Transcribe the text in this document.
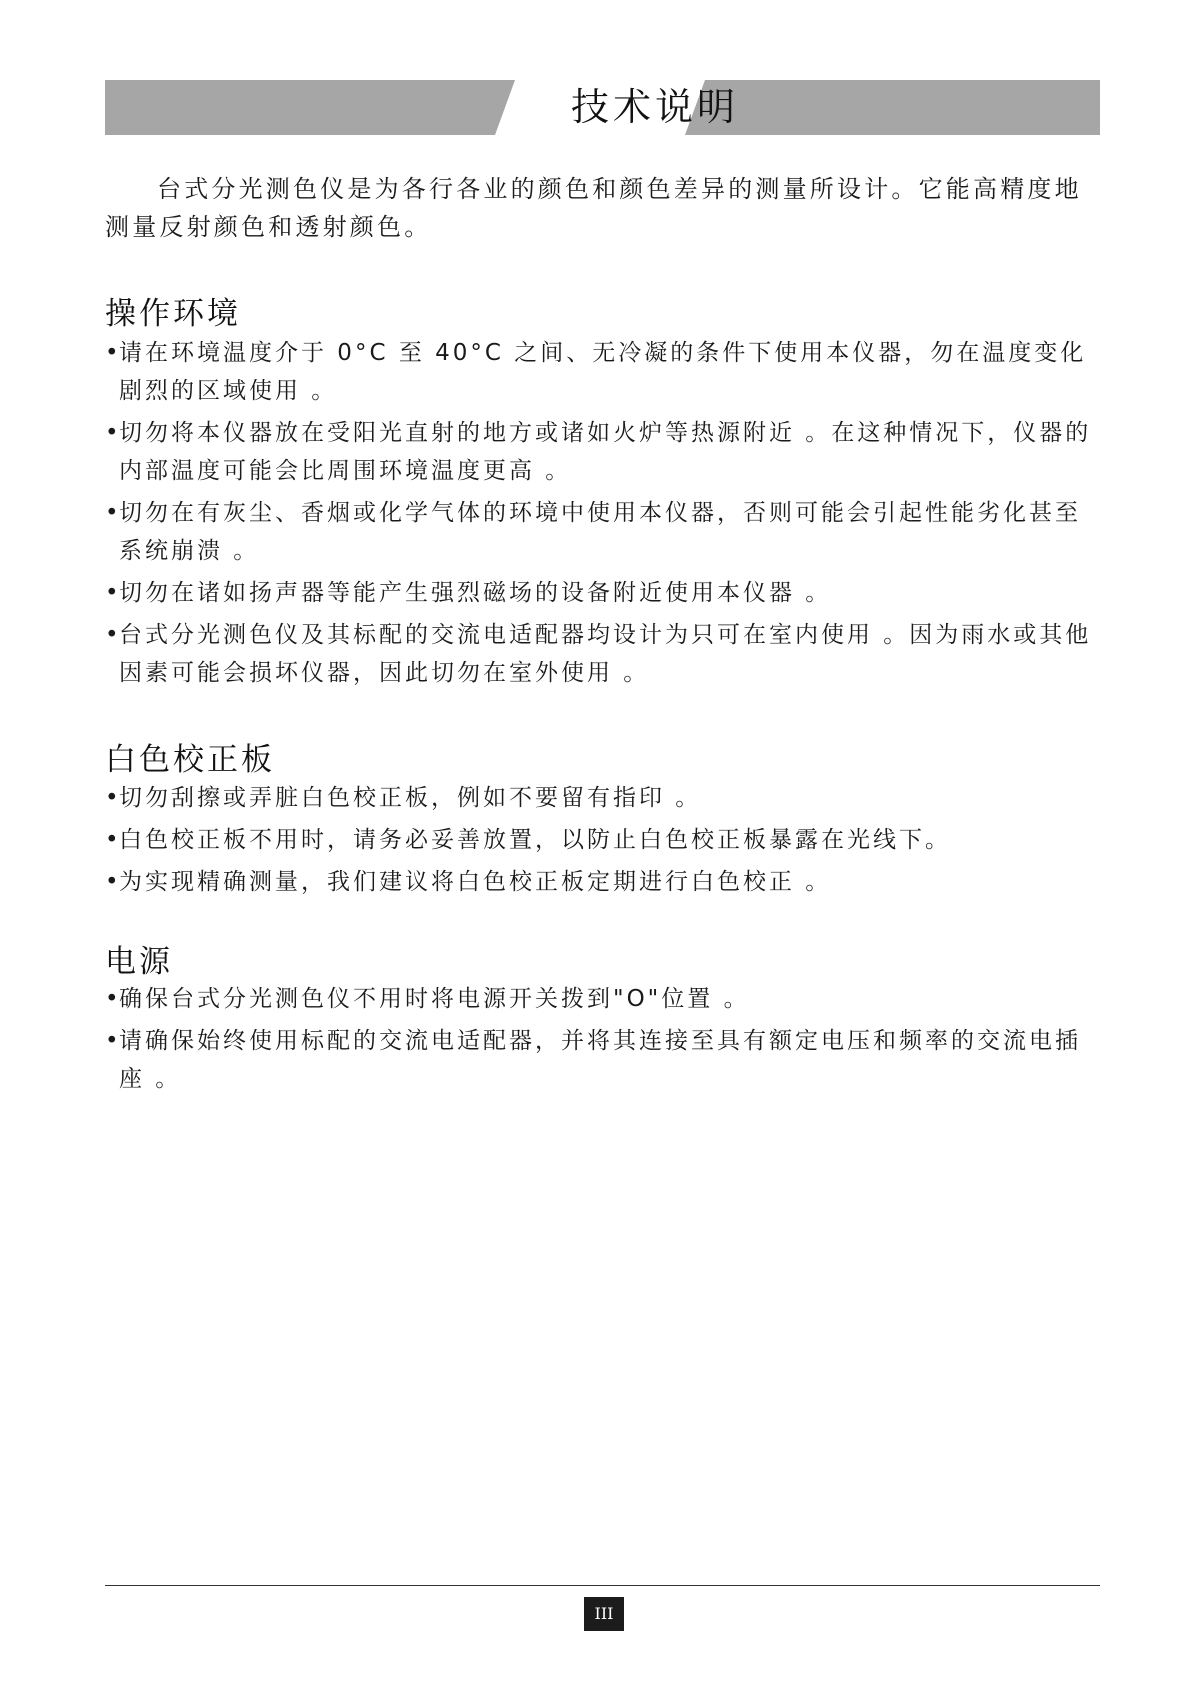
技术说明

台式分光测色仪是为各行各业的颜色和颜色差异的测量所设计。它能高精度地测量反射颜色和透射颜色。

操作环境
•
请在环境温度介于 0°C 至 40°C 之间、无冷凝的条件下使用本仪器，勿在温度变化剧烈的区域使用 。
•
切勿将本仪器放在受阳光直射的地方或诸如火炉等热源附近 。在这种情况下，仪器的内部温度可能会比周围环境温度更高 。
•
切勿在有灰尘、香烟或化学气体的环境中使用本仪器，否则可能会引起性能劣化甚至系统崩溃 。
•
切勿在诸如扬声器等能产生强烈磁场的设备附近使用本仪器 。
•
台式分光测色仪及其标配的交流电适配器均设计为只可在室内使用 。因为雨水或其他因素可能会损坏仪器，因此切勿在室外使用 。
白色校正板
•
切勿刮擦或弄脏白色校正板，例如不要留有指印 。
•
白色校正板不用时，请务必妥善放置，以防止白色校正板暴露在光线下。
•
为实现精确测量，我们建议将白色校正板定期进行白色校正 。
电源
•
确保台式分光测色仪不用时将电源开关拨到"O"位置 。
•
请确保始终使用标配的交流电适配器，并将其连接至具有额定电压和频率的交流电插座 。
III
